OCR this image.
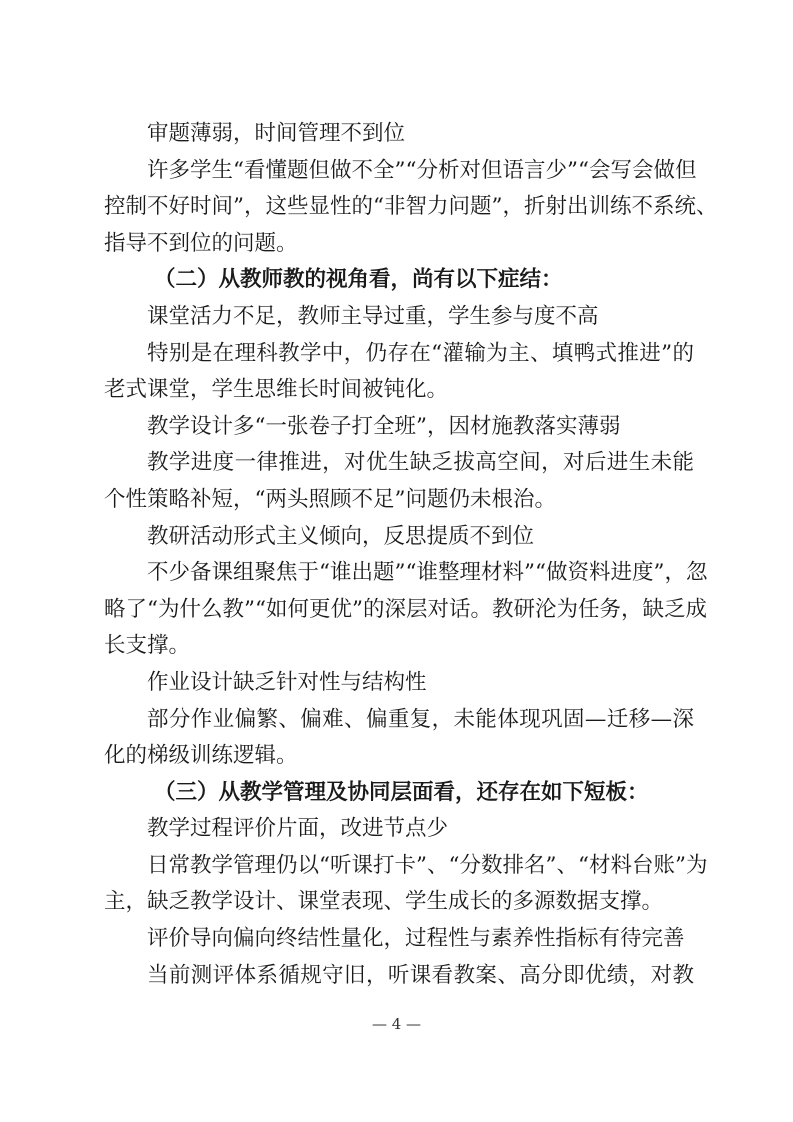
审题薄弱，时间管理不到位
许多学生“看懂题但做不全”“分析对但语言少”“会写会做但
控制不好时间”，这些显性的“非智力问题”，折射出训练不系统、
指导不到位的问题。
（二）从教师教的视角看，尚有以下症结：
课堂活力不足，教师主导过重，学生参与度不高
特别是在理科教学中，仍存在“灌输为主、填鸭式推进”的
老式课堂，学生思维长时间被钝化。
教学设计多“一张卷子打全班”，因材施教落实薄弱
教学进度一律推进，对优生缺乏拔高空间，对后进生未能
个性策略补短，“两头照顾不足”问题仍未根治。
教研活动形式主义倾向，反思提质不到位
不少备课组聚焦于“谁出题”“谁整理材料”“做资料进度”，忽
略了“为什么教”“如何更优”的深层对话。教研沦为任务，缺乏成
长支撑。
作业设计缺乏针对性与结构性
部分作业偏繁、偏难、偏重复，未能体现巩固—迁移—深
化的梯级训练逻辑。
（三）从教学管理及协同层面看，还存在如下短板：
教学过程评价片面，改进节点少
日常教学管理仍以“听课打卡”、“分数排名”、“材料台账”为
主，缺乏教学设计、课堂表现、学生成长的多源数据支撑。
评价导向偏向终结性量化，过程性与素养性指标有待完善
当前测评体系循规守旧，听课看教案、高分即优绩，对教
— 4 —
